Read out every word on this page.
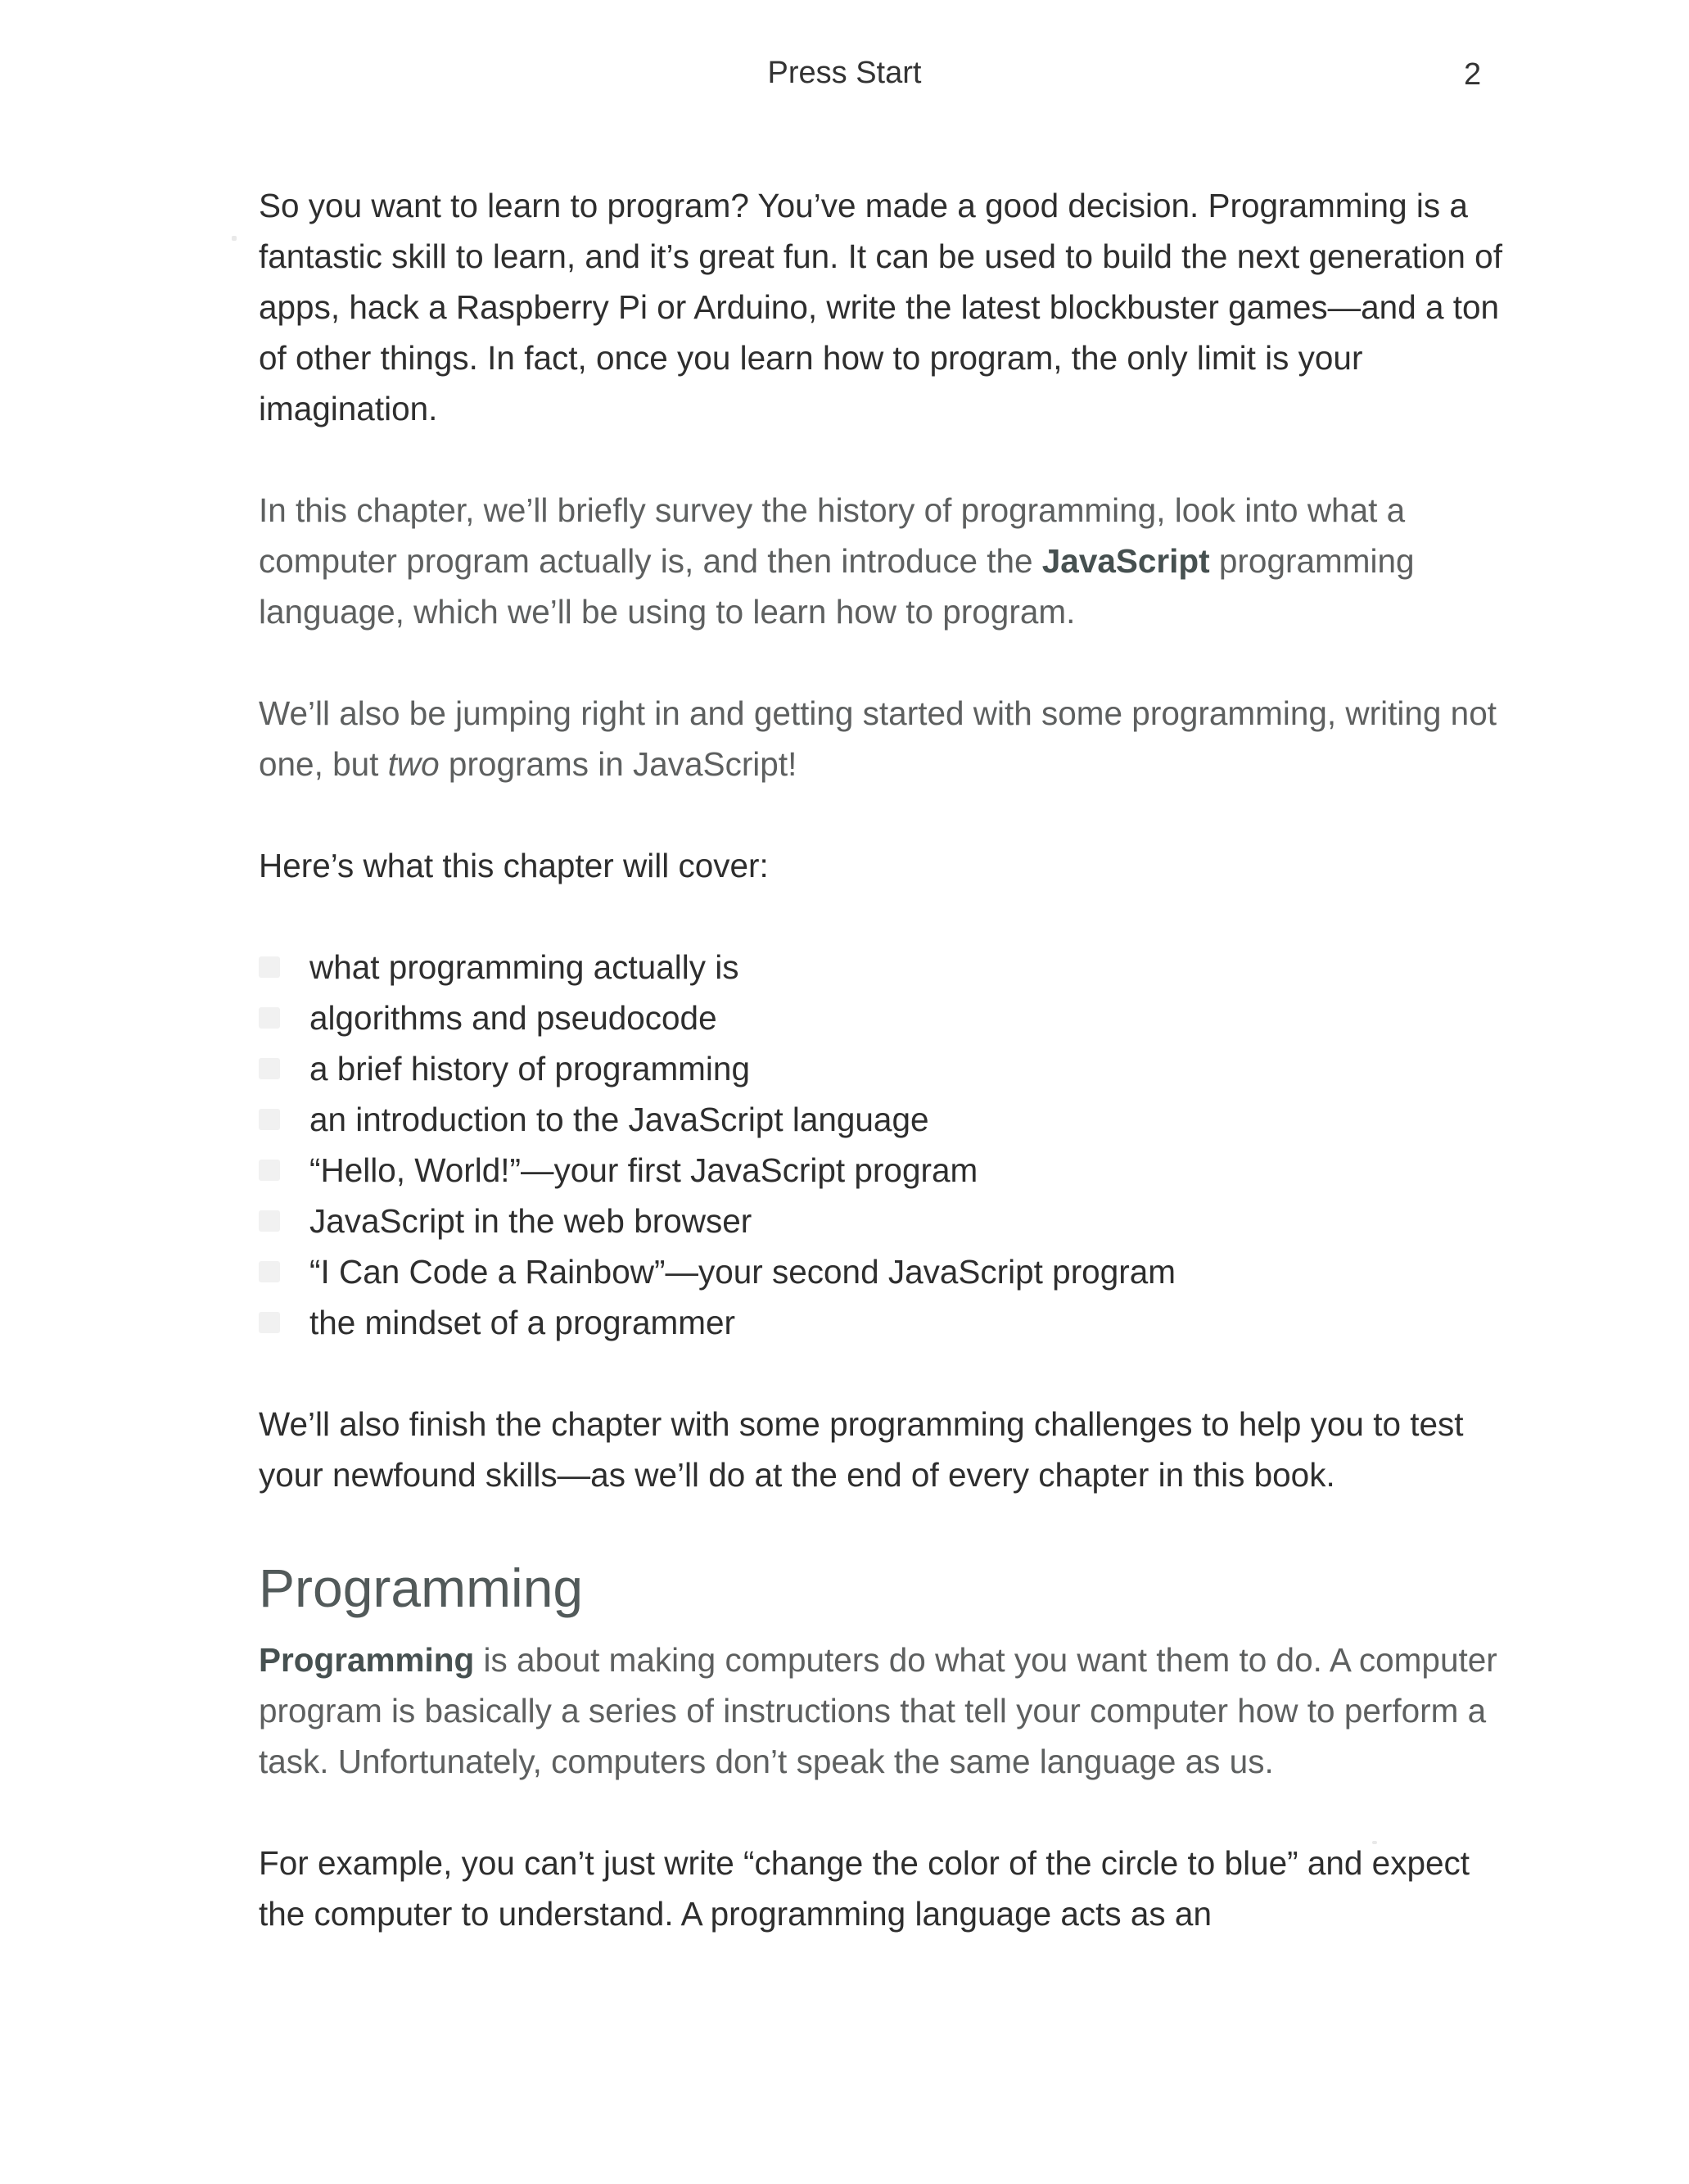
Press Start	2

So you want to learn to program? You’ve made a good decision. Programming is a fantastic skill to learn, and it’s great fun. It can be used to build the next generation of apps, hack a Raspberry Pi or Arduino, write the latest blockbuster games—and a ton of other things. In fact, once you learn how to program, the only limit is your imagination.

In this chapter, we’ll briefly survey the history of programming, look into what a computer program actually is, and then introduce the JavaScript programming language, which we’ll be using to learn how to program.

We’ll also be jumping right in and getting started with some programming, writing not one, but two programs in JavaScript!

Here’s what this chapter will cover:

what programming actually is
algorithms and pseudocode
a brief history of programming
an introduction to the JavaScript language
“Hello, World!”—your first JavaScript program
JavaScript in the web browser
“I Can Code a Rainbow”—your second JavaScript program
the mindset of a programmer

We’ll also finish the chapter with some programming challenges to help you to test your newfound skills—as we’ll do at the end of every chapter in this book.

Programming

Programming is about making computers do what you want them to do. A computer program is basically a series of instructions that tell your computer how to perform a task. Unfortunately, computers don’t speak the same language as us.

For example, you can’t just write “change the color of the circle to blue” and expect the computer to understand. A programming language acts as an
